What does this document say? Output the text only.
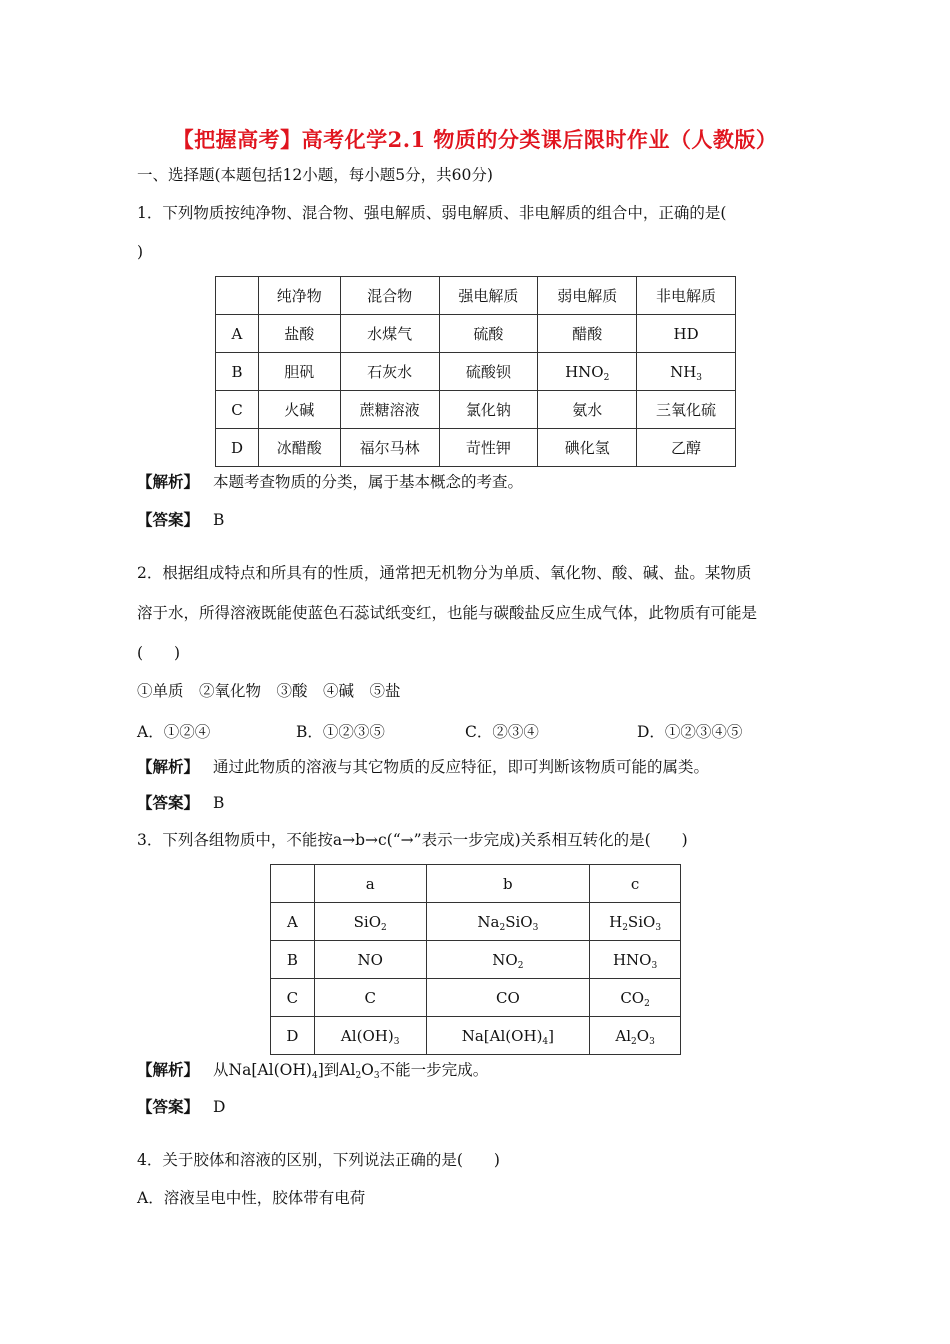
【把握高考】高考化学2.1 物质的分类课后限时作业（人教版）
一、选择题(本题包括12小题，每小题5分，共60分)
1．下列物质按纯净物、混合物、强电解质、弱电解质、非电解质的组合中，正确的是(
)
	纯净物	混合物	强电解质	弱电解质	非电解质
A	盐酸	水煤气	硫酸	醋酸	HD
B	胆矾	石灰水	硫酸钡	$HNO_2$	$NH_3$
C	火碱	蔗糖溶液	氯化钠	氨水	三氧化硫
D	冰醋酸	福尔马林	苛性钾	碘化氢	乙醇
【解析】 本题考查物质的分类，属于基本概念的考查。
【答案】 B
2．根据组成特点和所具有的性质，通常把无机物分为单质、氧化物、酸、碱、盐。某物质
溶于水，所得溶液既能使蓝色石蕊试纸变红，也能与碳酸盐反应生成气体，此物质有可能是
(　　)
①单质　②氧化物　③酸　④碱　⑤盐
A．①②④	B．①②③⑤	C．②③④	D．①②③④⑤
【解析】 通过此物质的溶液与其它物质的反应特征，即可判断该物质可能的属类。
【答案】 B
3．下列各组物质中，不能按a→b→c(“→”表示一步完成)关系相互转化的是(　　)
	a	b	c
A	SiO$_2$	$Na_2SiO_3$	$H_2SiO_3$
B	NO	$NO_2$	$HNO_3$
C	C	CO	$CO_2$
D	$Al(OH)_3$	$Na[Al(OH)_4]$	$Al_2O_3$
【解析】 从$Na[Al(OH)_4]$到$Al_2O_3$不能一步完成。
【答案】 D
4．关于胶体和溶液的区别，下列说法正确的是(　　)
A．溶液呈电中性，胶体带有电荷
